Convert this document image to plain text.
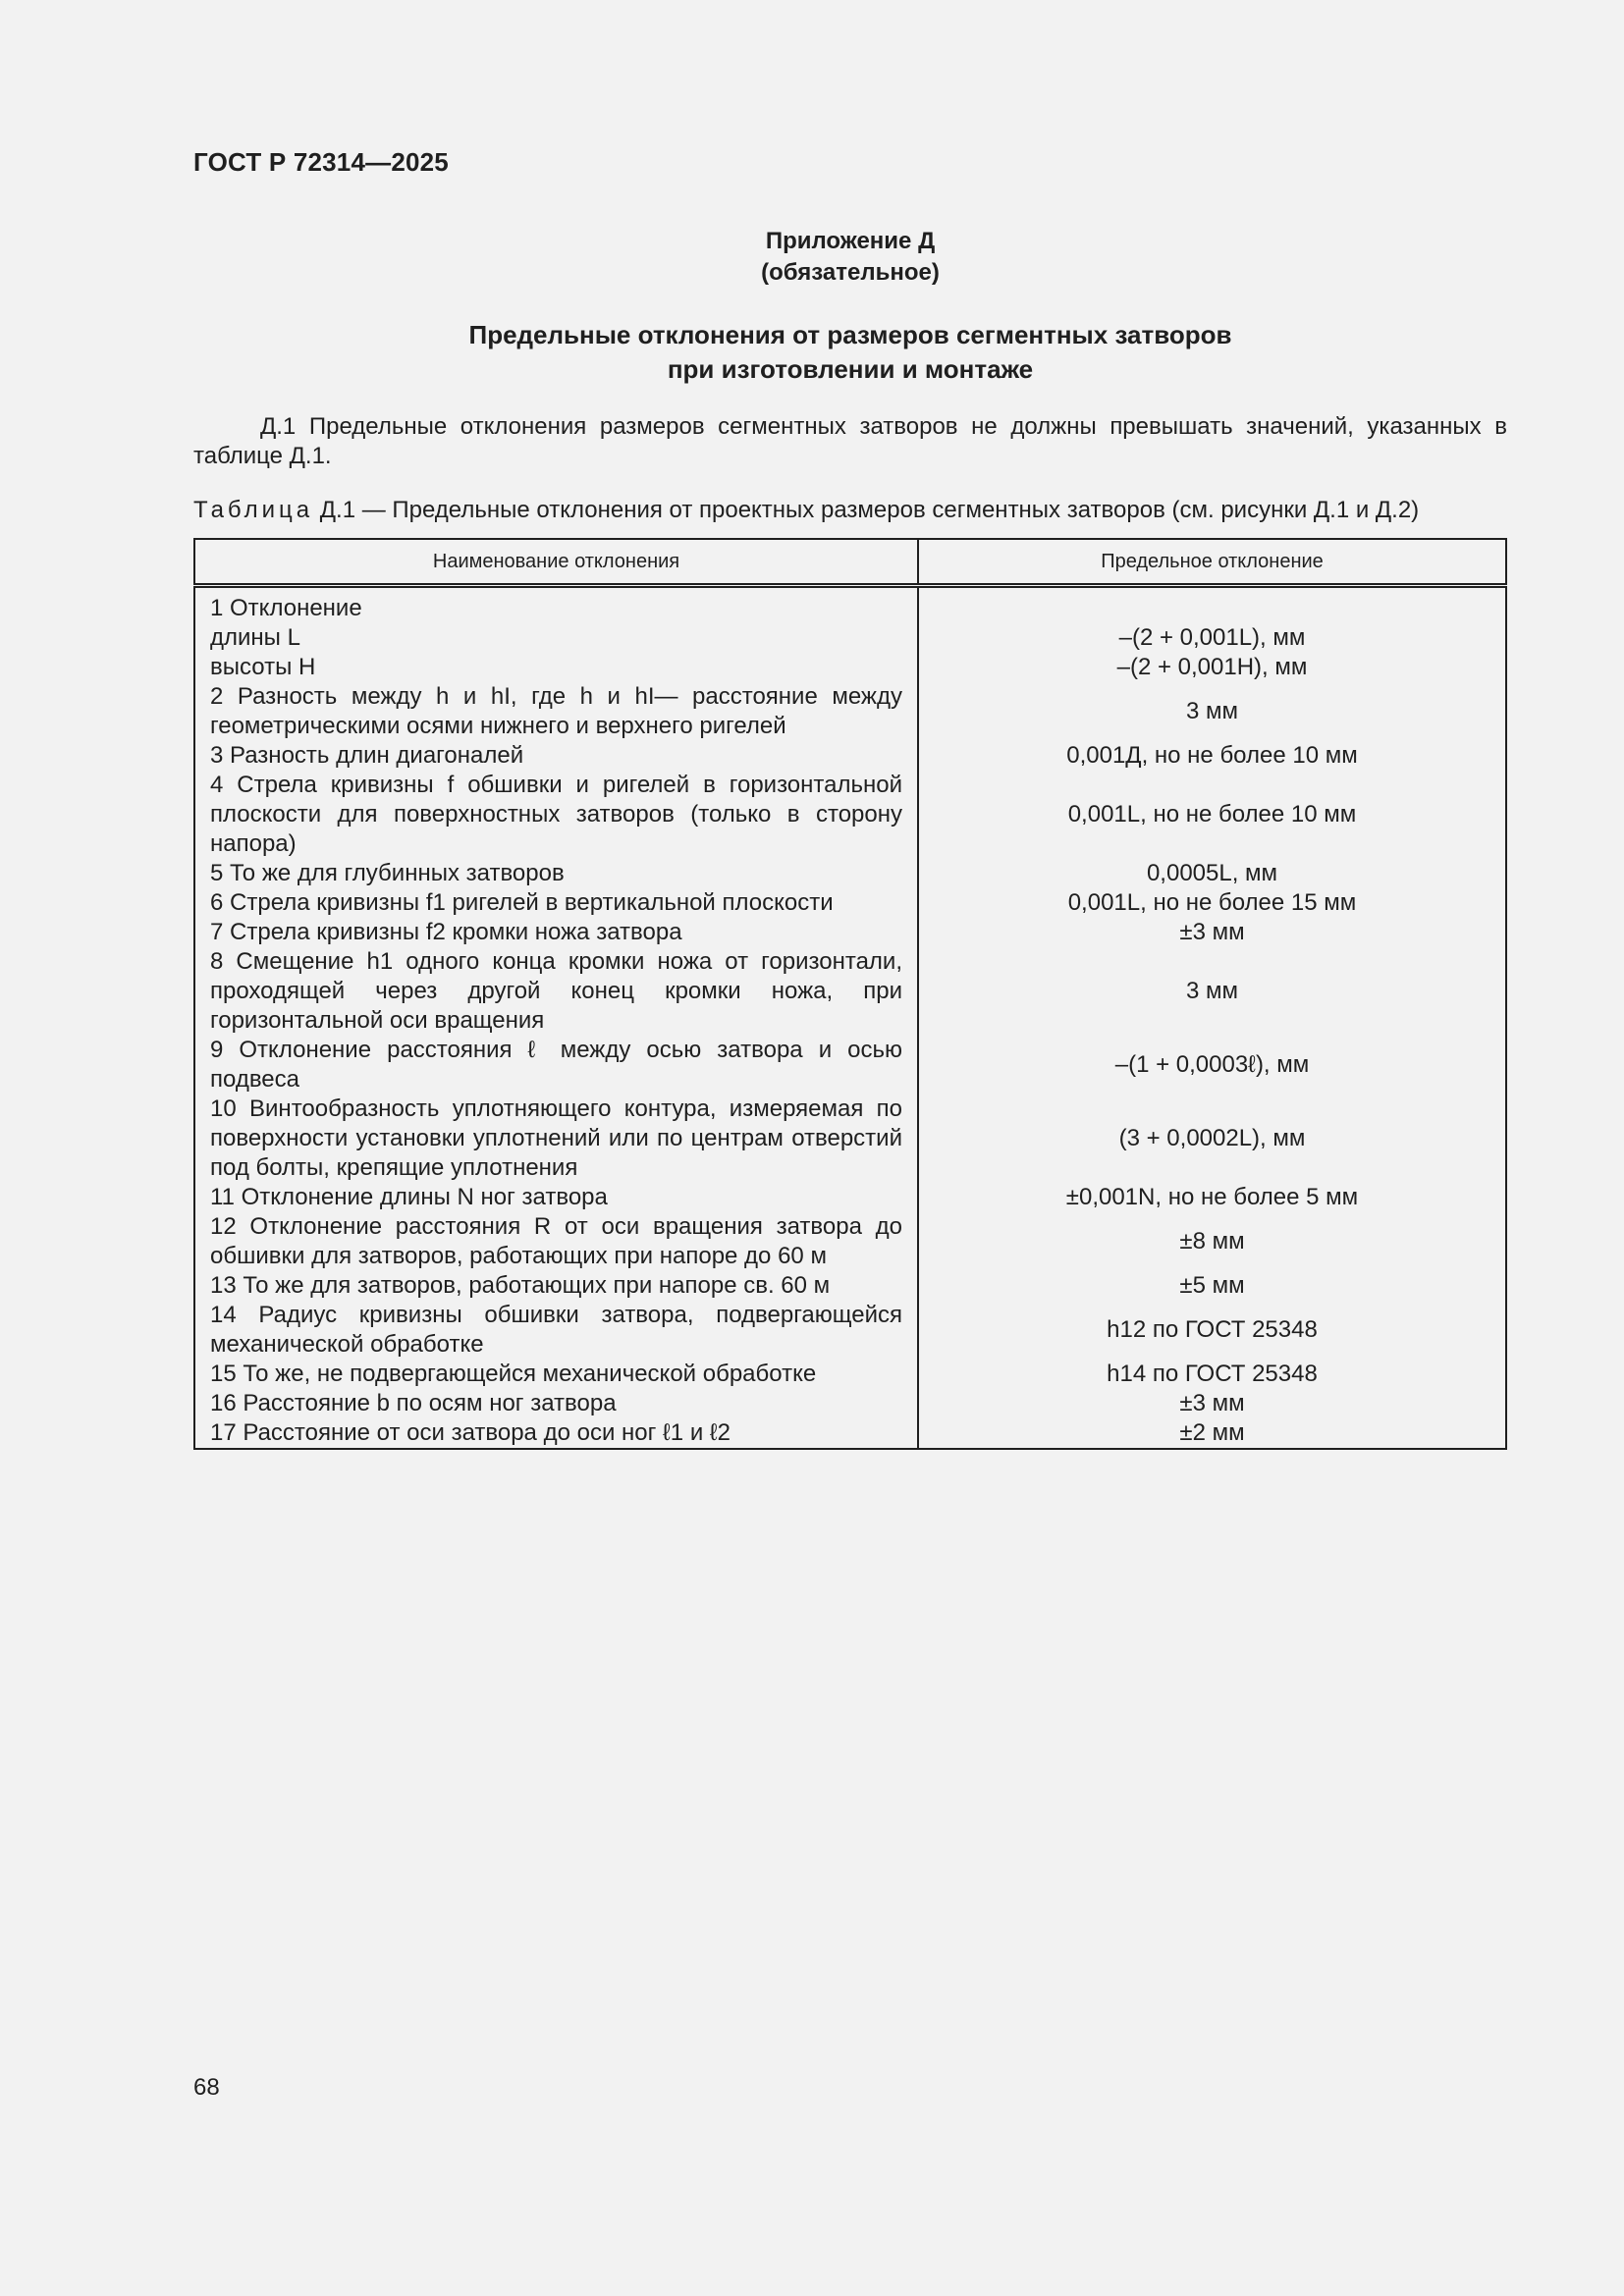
ГОСТ Р 72314—2025
Приложение Д
(обязательное)
Предельные отклонения от размеров сегментных затворов
при изготовлении и монтаже
Д.1 Предельные отклонения размеров сегментных затворов не должны превышать значений, указанных в таблице Д.1.
Таблица Д.1 — Предельные отклонения от проектных размеров сегментных затворов (см. рисунки Д.1 и Д.2)
Наименование отклонения	Предельное отклонение
1 Отклонение	
длины L	–(2 + 0,001L), мм
высоты H	–(2 + 0,001H), мм
2 Разность между h и hI, где h и hI— расстояние между геометрическими осями нижнего и верхнего ригелей	3 мм
3 Разность длин диагоналей	0,001Д, но не более 10 мм
4 Стрела кривизны f обшивки и ригелей в горизонтальной плоскости для поверхностных затворов (только в сторону напора)	0,001L, но не более 10 мм
5 То же для глубинных затворов	0,0005L, мм
6 Стрела кривизны f1 ригелей в вертикальной плоскости	0,001L, но не более 15 мм
7 Стрела кривизны f2 кромки ножа затвора	±3 мм
8 Смещение h1 одного конца кромки ножа от горизонтали, проходящей через другой конец кромки ножа, при горизонтальной оси вращения	3 мм
9 Отклонение расстояния ℓ между осью затвора и осью подвеса	–(1 + 0,0003ℓ), мм
10 Винтообразность уплотняющего контура, измеряемая по поверхности установки уплотнений или по центрам отверстий под болты, крепящие уплотнения	(3 + 0,0002L), мм
11 Отклонение длины N ног затвора	±0,001N, но не более 5 мм
12 Отклонение расстояния R от оси вращения затвора до обшивки для затворов, работающих при напоре до 60 м	±8 мм
13 То же для затворов, работающих при напоре св. 60 м	±5 мм
14 Радиус кривизны обшивки затвора, подвергающейся механической обработке	h12 по ГОСТ 25348
15 То же, не подвергающейся механической обработке	h14 по ГОСТ 25348
16 Расстояние b по осям ног затвора	±3 мм
17 Расстояние от оси затвора до оси ног ℓ1 и ℓ2	±2 мм
68
